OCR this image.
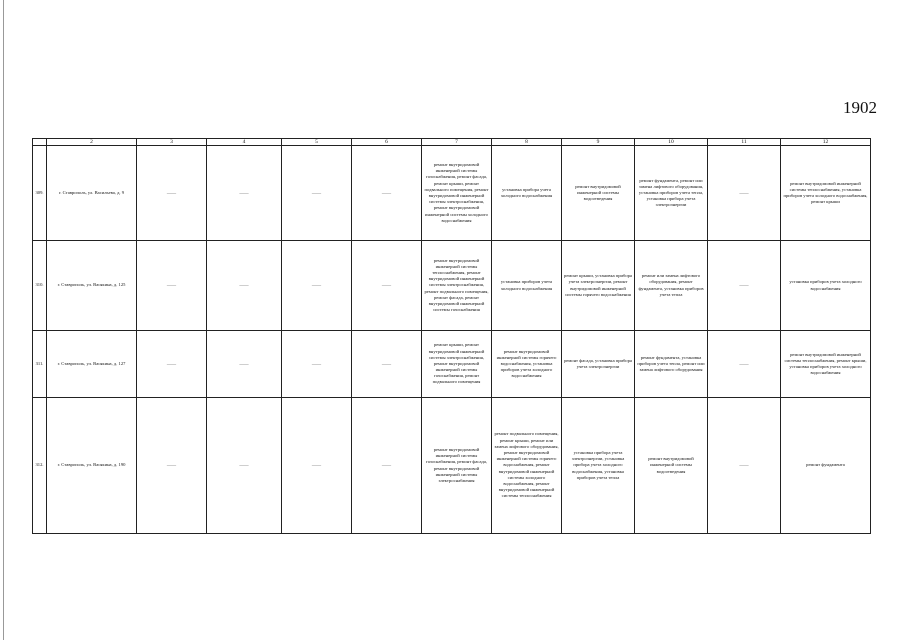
1902
	2	3	4	5	6	7	8	9	10	11	12
309.	г. Ставрополь, ул. Васильева, д. 9	——	——	——	——	ремонт внутридомовой инженерной системы газоснабжения, ремонт фасада, ремонт крыши, ремонт подвального помещения, ремонт внутридомовой инженерной системы электроснабжения, ремонт внутридомовой инженерной системы холодного водоснабжения	установка прибора учета холодного водоснабжения	ремонт внутридомовой инженерной системы водоотведения	ремонт фундамента, ремонт или замена лифтового оборудования, установка приборов учета тепла, установка прибора учета электроэнергии	——	ремонт внутридомовой инженерной системы теплоснабжения, установка приборов учета холодного водоснабжения, ремонт крыши
310.	г. Ставрополь, ул. Васякина, д. 125	——	——	——	——	ремонт внутридомовой инженерной системы теплоснабжения, ремонт внутридомовой инженерной системы электроснабжения, ремонт подвального помещения, ремонт фасада, ремонт внутридомовой инженерной системы газоснабжения	установка приборов учета холодного водоснабжения	ремонт крыши, установка прибора учета электроэнергии, ремонт внутридомовой инженерной системы горячего водоснабжения	ремонт или замена лифтового оборудования, ремонт фундамента, установка приборов учета тепла	——	установка приборов учета холодного водоснабжения
311.	г. Ставрополь, ул. Васякина, д. 127	——	——	——	——	ремонт крыши, ремонт внутридомовой инженерной системы электроснабжения, ремонт внутридомовой инженерной системы газоснабжения, ремонт подвального помещения	ремонт внутридомовой инженерной системы горячего водоснабжения, установка приборов учета холодного водоснабжения	ремонт фасада, установка прибора учета электроэнергии	ремонт фундамента, установка приборов учета тепла, ремонт или замена лифтового оборудования	——	ремонт внутридомовой инженерной системы теплоснабжения, ремонт крыши, установка приборов учета холодного водоснабжения
312.	г. Ставрополь, ул. Васякина, д. 190	——	——	——	——	ремонт внутридомовой инженерной системы газоснабжения, ремонт фасада, ремонт внутридомовой инженерной системы электроснабжения	ремонт подвального помещения, ремонт крыши, ремонт или замена лифтового оборудования, ремонт внутридомовой инженерной системы горячего водоснабжения, ремонт внутридомовой инженерной системы холодного водоснабжения, ремонт внутридомовой инженерной системы теплоснабжения	установка прибора учета электроэнергии, установка прибора учета холодного водоснабжения, установка приборов учета тепла	ремонт внутридомовой инженерной системы водоотведения	——	ремонт фундамента
